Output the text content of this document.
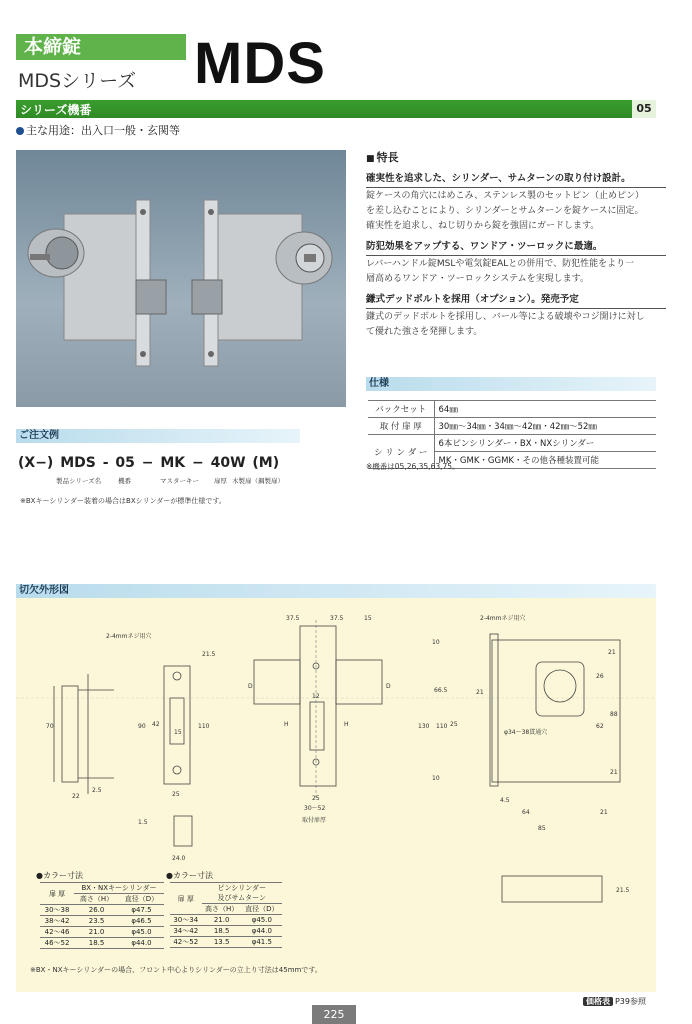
本締錠
MDSシリーズ MDS
シリーズ機番	05
主な用途：出入口一般・玄関等
■ 特長
確実性を追求した、シリンダー、サムターンの取り付け設計。
錠ケースの角穴にはめこみ、ステンレス製のセットピン（止めピン）
を差し込むことにより、シリンダーとサムターンを錠ケースに固定。
確実性を追求し、ねじ切りから錠を強固にガードします。
防犯効果をアップする、ワンドア・ツーロックに最適。
レバーハンドル錠MSLや電気錠EALとの併用で、防犯性能をより一
層高めるワンドア・ツーロックシステムを実現します。
鎌式デッドボルトを採用（オプション）。発売予定
鎌式のデッドボルトを採用し、バール等による破壊やコジ開けに対し
て優れた強さを発揮します。
仕様
バックセット	64㎜
取 付 扉 厚	30㎜〜34㎜・34㎜〜42㎜・42㎜〜52㎜
シ リ ン ダ ー	6本ピンシリンダー・BX・NXシリンダー
	MK・GMK・GGMK・その他各種装置可能
※機番は05,26,35,63,75。
ご注文例
(X−) MDS - 05 − MK − 40W (M)
製品シリーズ名	機番	マスターキー 扉厚 木製扉（鋼製扉）
※BXキーシリンダー装着の場合はBXシリンダーが標準仕様です。
切欠外形図
37.5	37.5	15
21.5
12
70	90 42
15
110
22
2.5
25
1.5
24.0
25
66.5	21
25
110
130
10
10
21
26
62
88
21
4.5
64	21
85
21.5
D	D
H	H
2-4mmネジ用穴
2-4mmネジ用穴
φ34〜38貫通穴
30〜52
取付扉厚
●カラー寸法
扉 厚	BX・NXキーシリンダー	
	高さ（H）	直径（D）
30〜38	26.0	φ47.5
38〜42	23.5	φ46.5
42〜46	21.0	φ45.0
46〜52	18.5	φ44.0
●カラー寸法
扉 厚	ピンシリンダー
及びサムターン	
	高さ（H）	直径（D）
30〜34	21.0	φ45.0
34〜42	18.5	φ44.0
42〜52	13.5	φ41.5
※BX・NXキーシリンダーの場合、フロント中心よりシリンダーの立上り寸法は45mmです。
225
価格表 P39参照
